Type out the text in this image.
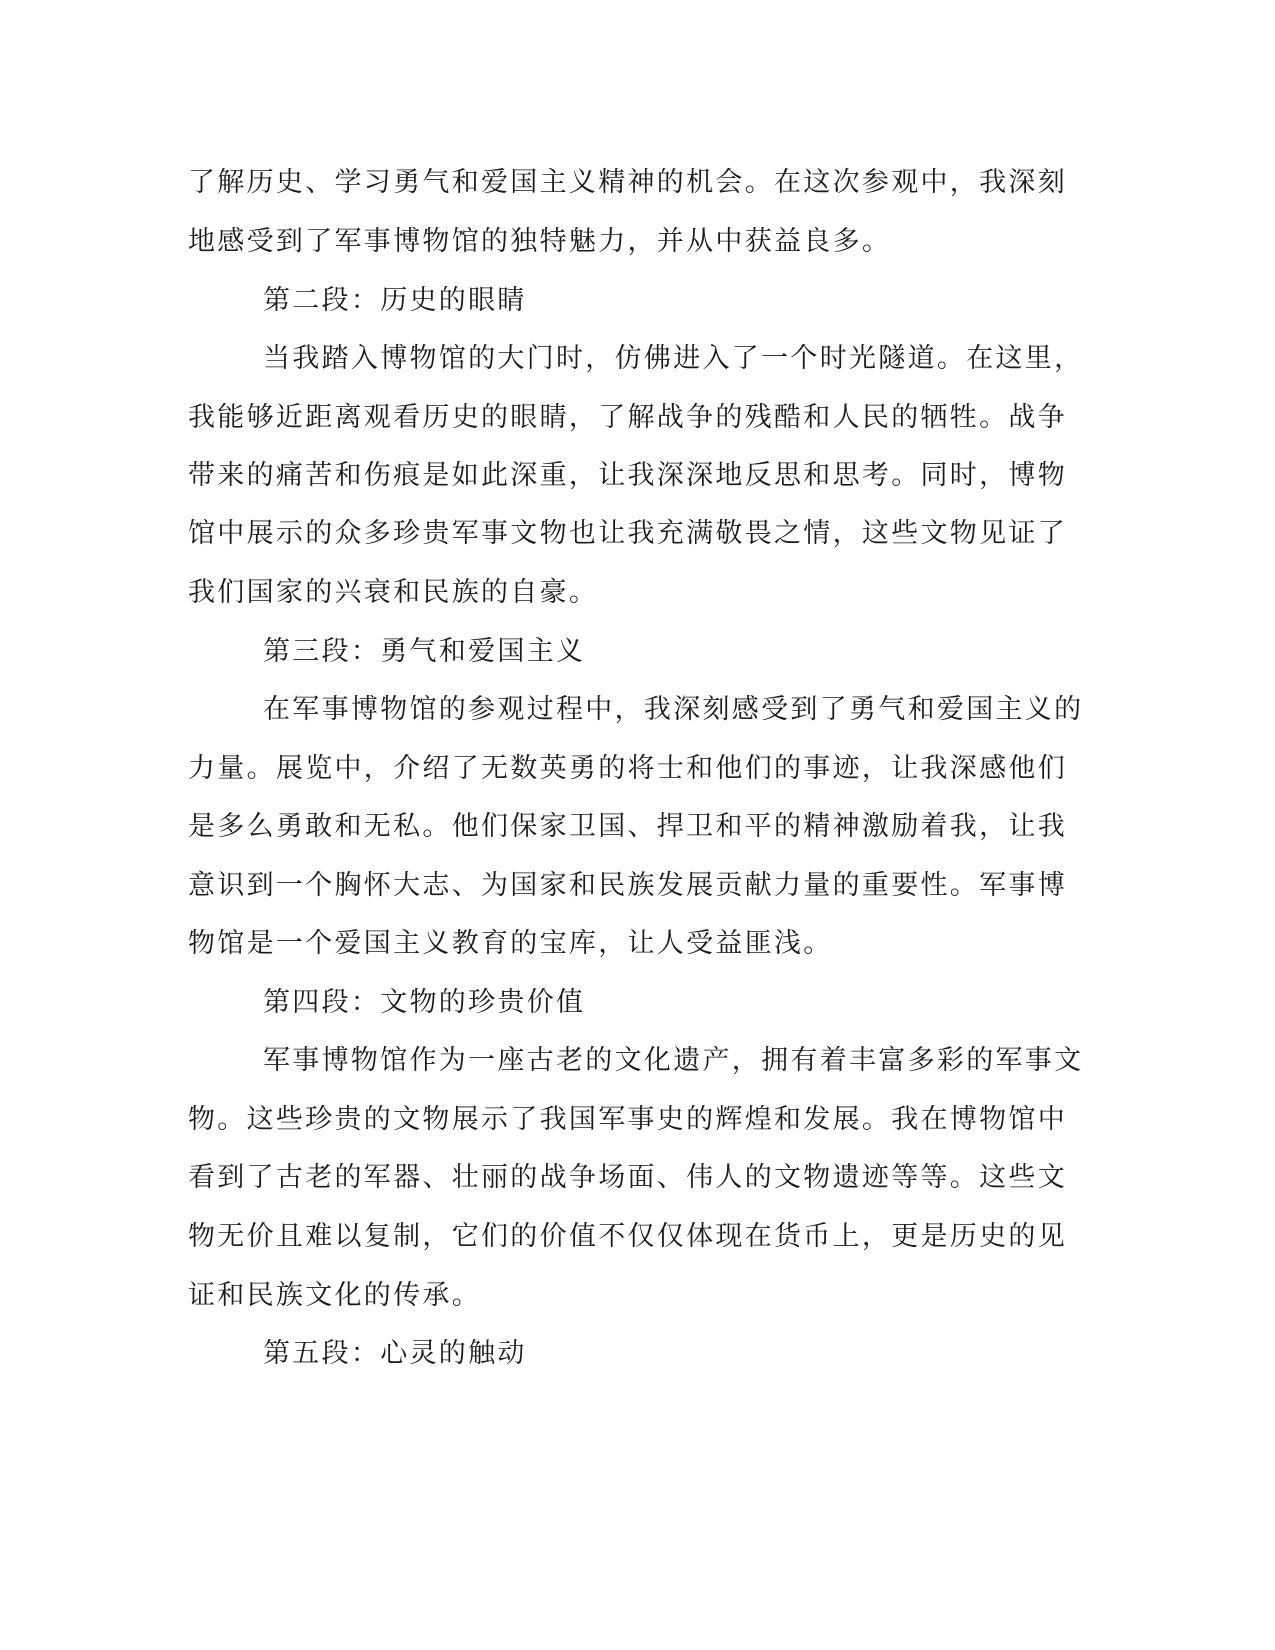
了解历史、学习勇气和爱国主义精神的机会。在这次参观中，我深刻

地感受到了军事博物馆的独特魅力，并从中获益良多。

第二段：历史的眼睛

当我踏入博物馆的大门时，仿佛进入了一个时光隧道。在这里，

我能够近距离观看历史的眼睛，了解战争的残酷和人民的牺牲。战争

带来的痛苦和伤痕是如此深重，让我深深地反思和思考。同时，博物

馆中展示的众多珍贵军事文物也让我充满敬畏之情，这些文物见证了

我们国家的兴衰和民族的自豪。

第三段：勇气和爱国主义

在军事博物馆的参观过程中，我深刻感受到了勇气和爱国主义的

力量。展览中，介绍了无数英勇的将士和他们的事迹，让我深感他们

是多么勇敢和无私。他们保家卫国、捍卫和平的精神激励着我，让我

意识到一个胸怀大志、为国家和民族发展贡献力量的重要性。军事博

物馆是一个爱国主义教育的宝库，让人受益匪浅。

第四段：文物的珍贵价值

军事博物馆作为一座古老的文化遗产，拥有着丰富多彩的军事文

物。这些珍贵的文物展示了我国军事史的辉煌和发展。我在博物馆中

看到了古老的军器、壮丽的战争场面、伟人的文物遗迹等等。这些文

物无价且难以复制，它们的价值不仅仅体现在货币上，更是历史的见

证和民族文化的传承。

第五段：心灵的触动
